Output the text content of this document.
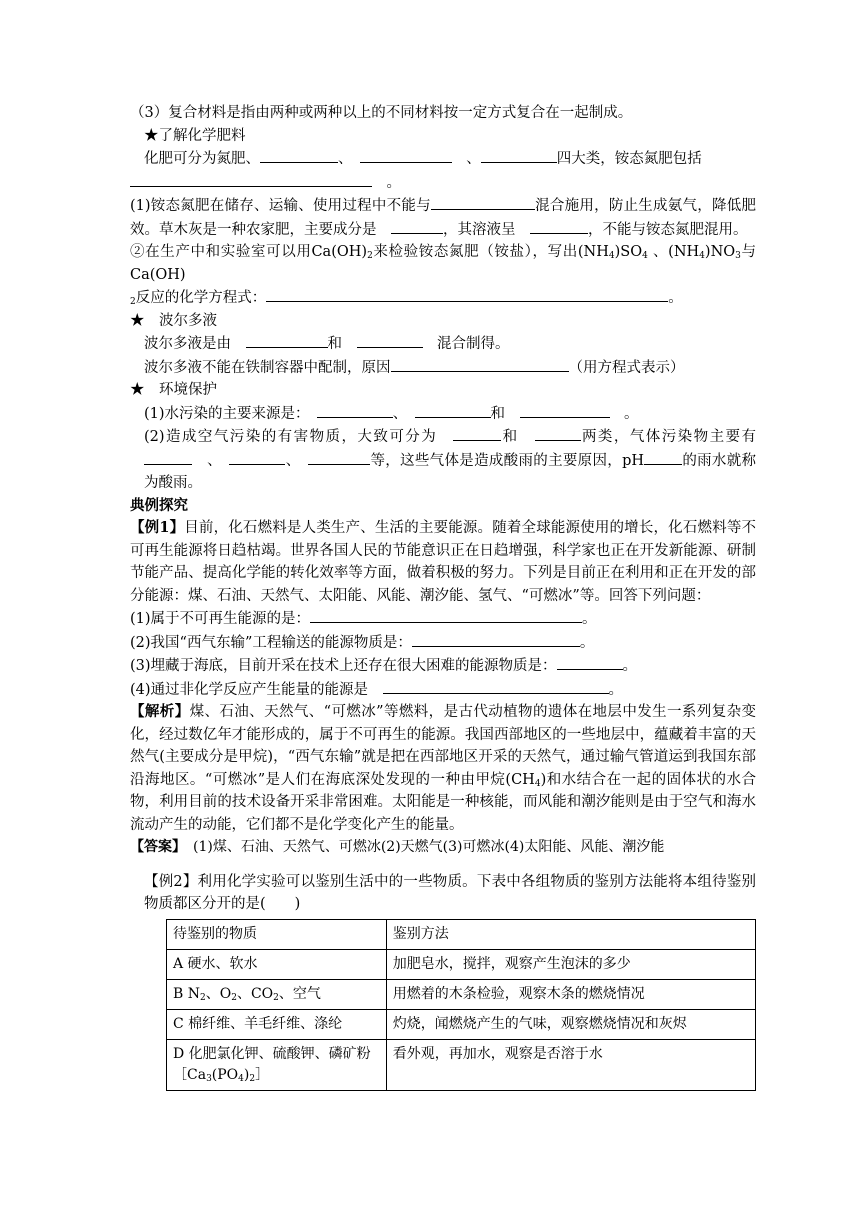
（3）复合材料是指由两种或两种以上的不同材料按一定方式复合在一起制成。

★了解化学肥料

化肥可分为氮肥、	、　　	、	四大类，铵态氮肥包括

　。

(1)铵态氮肥在储存、运输、使用过程中不能与	混合施用，防止生成氨气，降低肥效。草木灰是一种农家肥，主要成分是　	，其溶液呈　	，不能与铵态氮肥混用。

②在生产中和实验室可以用$Ca(OH)_2$来检验铵态氮肥（铵盐），写出$(NH_4)SO_4$ 、$(NH_4)NO_3$与Ca(OH)
$_2$反应的化学方程式：	。

★　波尔多液

波尔多液是由　	和　　	混合制得。

波尔多液不能在铁制容器中配制，原因	（用方程式表示）

★　环境保护

(1)水污染的主要来源是：　	、　	和　　	。

(2)造成空气污染的有害物质，大致可分为　	和　	两类，气体污染物主要有　　、　	、　	等，这些气体是造成酸雨的主要原因，pH	的雨水就称为酸雨。

典例探究

【例1】目前，化石燃料是人类生产、生活的主要能源。随着全球能源使用的增长，化石燃料等不可再生能源将日趋枯竭。世界各国人民的节能意识正在日趋增强，科学家也正在开发新能源、研制节能产品、提高化学能的转化效率等方面，做着积极的努力。下列是目前正在利用和正在开发的部分能源：煤、石油、天然气、太阳能、风能、潮汐能、氢气、“可燃冰”等。回答下列问题：

(1)属于不可再生能源的是：	。

(2)我国“西气东输”工程输送的能源物质是：	。

(3)埋藏于海底，目前开采在技术上还存在很大困难的能源物质是：	。

(4)通过非化学反应产生能量的能源是　	。

【解析】煤、石油、天然气、“可燃冰”等燃料，是古代动植物的遗体在地层中发生一系列复杂变化，经过数亿年才能形成的，属于不可再生的能源。我国西部地区的一些地层中，蕴藏着丰富的天然气(主要成分是甲烷)，“西气东输”就是把在西部地区开采的天然气，通过输气管道运到我国东部沿海地区。“可燃冰”是人们在海底深处发现的一种由甲烷$(CH_4)$和水结合在一起的固体状的水合物，利用目前的技术设备开采非常困难。太阳能是一种核能，而风能和潮汐能则是由于空气和海水流动产生的动能，它们都不是化学变化产生的能量。

【答案】　 (1)煤、石油、天然气、可燃冰(2)天燃气(3)可燃冰(4)太阳能、风能、潮汐能

【例2】利用化学实验可以鉴别生活中的一些物质。下表中各组物质的鉴别方法能将本组待鉴别物质都区分开的是(　　)

待鉴别的物质	鉴别方法
A 硬水、软水	加肥皂水，搅拌，观察产生泡沫的多少
B $N_2$、$O_2$、$CO_2$、空气	用燃着的木条检验，观察木条的燃烧情况
C 棉纤维、羊毛纤维、涤纶	灼烧，闻燃烧产生的气味，观察燃烧情况和灰烬
D 化肥氯化钾、硫酸钾、磷矿粉$[Ca_3(PO_4)_2]$	看外观，再加水，观察是否溶于水
